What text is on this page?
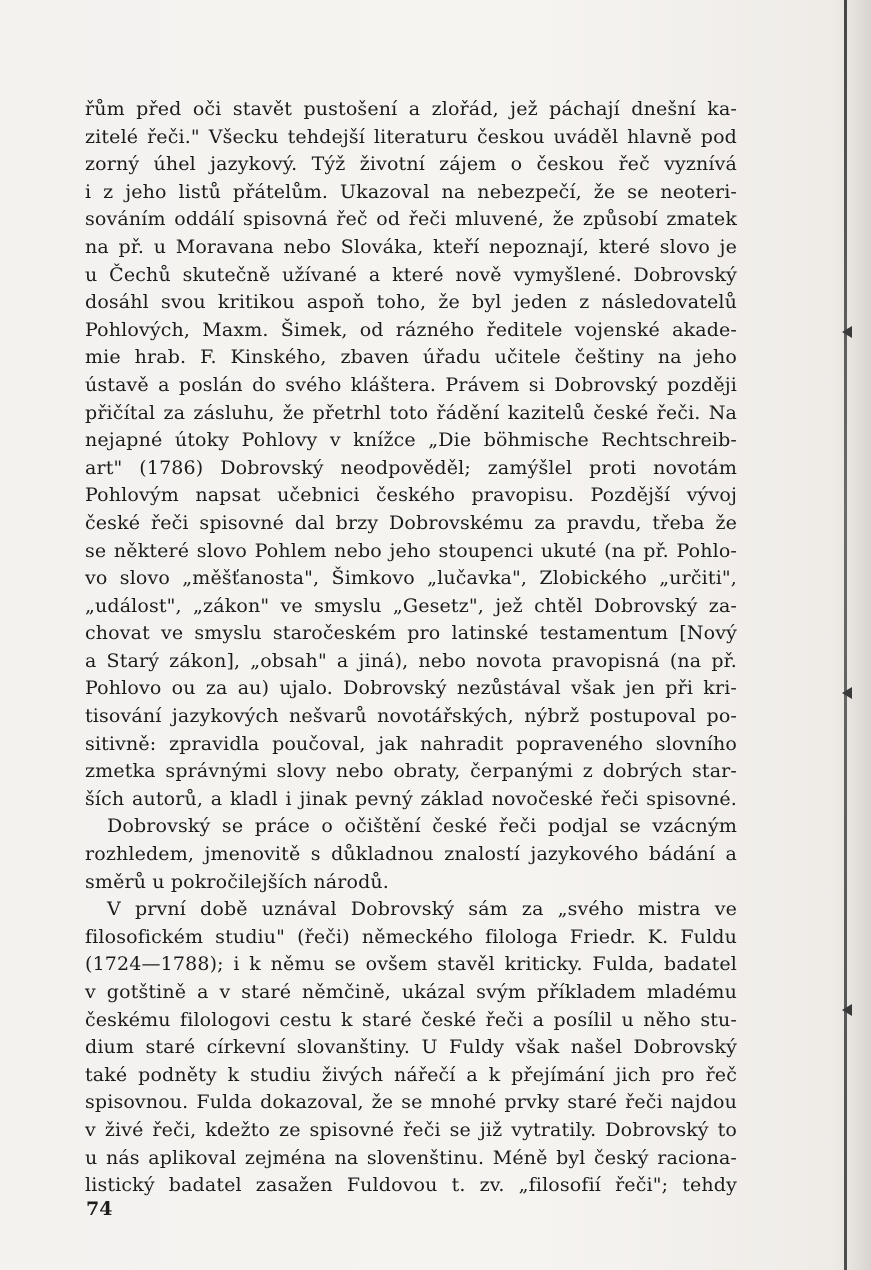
řům před oči stavět pustošení a zlořád, jež páchají dnešní ka-
zitelé řeči." Všecku tehdejší literaturu českou uváděl hlavně pod
zorný úhel jazykový. Týž životní zájem o českou řeč vyznívá
i z jeho listů přátelům. Ukazoval na nebezpečí, že se neoteri-
sováním oddálí spisovná řeč od řeči mluvené, že způsobí zmatek
na př. u Moravana nebo Slováka, kteří nepoznají, které slovo je
u Čechů skutečně užívané a které nově vymyšlené. Dobrovský
dosáhl svou kritikou aspoň toho, že byl jeden z následovatelů
Pohlových, Maxm. Šimek, od rázného ředitele vojenské akade-
mie hrab. F. Kinského, zbaven úřadu učitele češtiny na jeho
ústavě a poslán do svého kláštera. Právem si Dobrovský později
přičítal za zásluhu, že přetrhl toto řádění kazitelů české řeči. Na
nejapné útoky Pohlovy v knížce „Die böhmische Rechtschreib-
art" (1786) Dobrovský neodpověděl; zamýšlel proti novotám
Pohlovým napsat učebnici českého pravopisu. Pozdější vývoj
české řeči spisovné dal brzy Dobrovskému za pravdu, třeba že
se některé slovo Pohlem nebo jeho stoupenci ukuté (na př. Pohlo-
vo slovo „měšťanosta", Šimkovo „lučavka", Zlobického „určiti",
„událost", „zákon" ve smyslu „Gesetz", jež chtěl Dobrovský za-
chovat ve smyslu staročeském pro latinské testamentum [Nový
a Starý zákon], „obsah" a jiná), nebo novota pravopisná (na př.
Pohlovo ou za au) ujalo. Dobrovský nezůstával však jen při kri-
tisování jazykových nešvarů novotářských, nýbrž postupoval po-
sitivně: zpravidla poučoval, jak nahradit popraveného slovního
zmetka správnými slovy nebo obraty, čerpanými z dobrých star-
ších autorů, a kladl i jinak pevný základ novočeské řeči spisovné.
Dobrovský se práce o očištění české řeči podjal se vzácným
rozhledem, jmenovitě s důkladnou znalostí jazykového bádání a
směrů u pokročilejších národů.
V první době uznával Dobrovský sám za „svého mistra ve
filosofickém studiu" (řeči) německého filologa Friedr. K. Fuldu
(1724—1788); i k němu se ovšem stavěl kriticky. Fulda, badatel
v gotštině a v staré němčině, ukázal svým příkladem mladému
českému filologovi cestu k staré české řeči a posílil u něho stu-
dium staré církevní slovanštiny. U Fuldy však našel Dobrovský
také podněty k studiu živých nářečí a k přejímání jich pro řeč
spisovnou. Fulda dokazoval, že se mnohé prvky staré řeči najdou
v živé řeči, kdežto ze spisovné řeči se již vytratily. Dobrovský to
u nás aplikoval zejména na slovenštinu. Méně byl český raciona-
listický badatel zasažen Fuldovou t. zv. „filosofií řeči"; tehdy
74
